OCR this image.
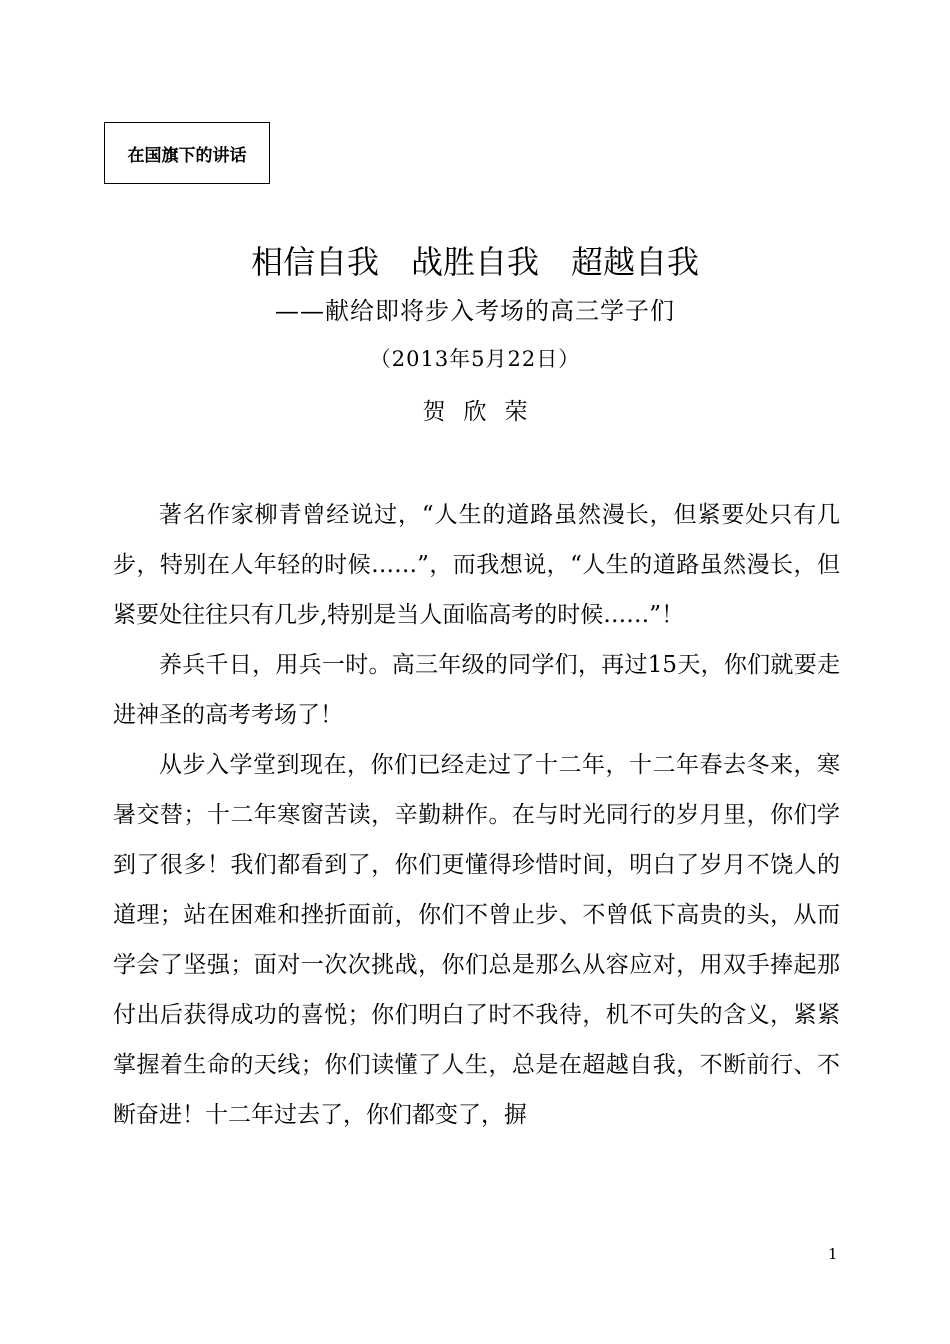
在国旗下的讲话
相信自我　战胜自我　超越自我
——献给即将步入考场的高三学子们
（2013年5月22日）
贺欣荣

著名作家柳青曾经说过，“人生的道路虽然漫长，但紧要处只有几步，特别在人年轻的时候……”，而我想说，“人生的道路虽然漫长，但紧要处往往只有几步,特别是当人面临高考的时候……”！

养兵千日，用兵一时。高三年级的同学们，再过15天，你们就要走进神圣的高考考场了！

从步入学堂到现在，你们已经走过了十二年，十二年春去冬来，寒暑交替；十二年寒窗苦读，辛勤耕作。在与时光同行的岁月里，你们学到了很多！我们都看到了，你们更懂得珍惜时间，明白了岁月不饶人的道理；站在困难和挫折面前，你们不曾止步、不曾低下高贵的头，从而学会了坚强；面对一次次挑战，你们总是那么从容应对，用双手捧起那付出后获得成功的喜悦；你们明白了时不我待，机不可失的含义，紧紧掌握着生命的天线；你们读懂了人生，总是在超越自我，不断前行、不断奋进！十二年过去了，你们都变了，摒

1
